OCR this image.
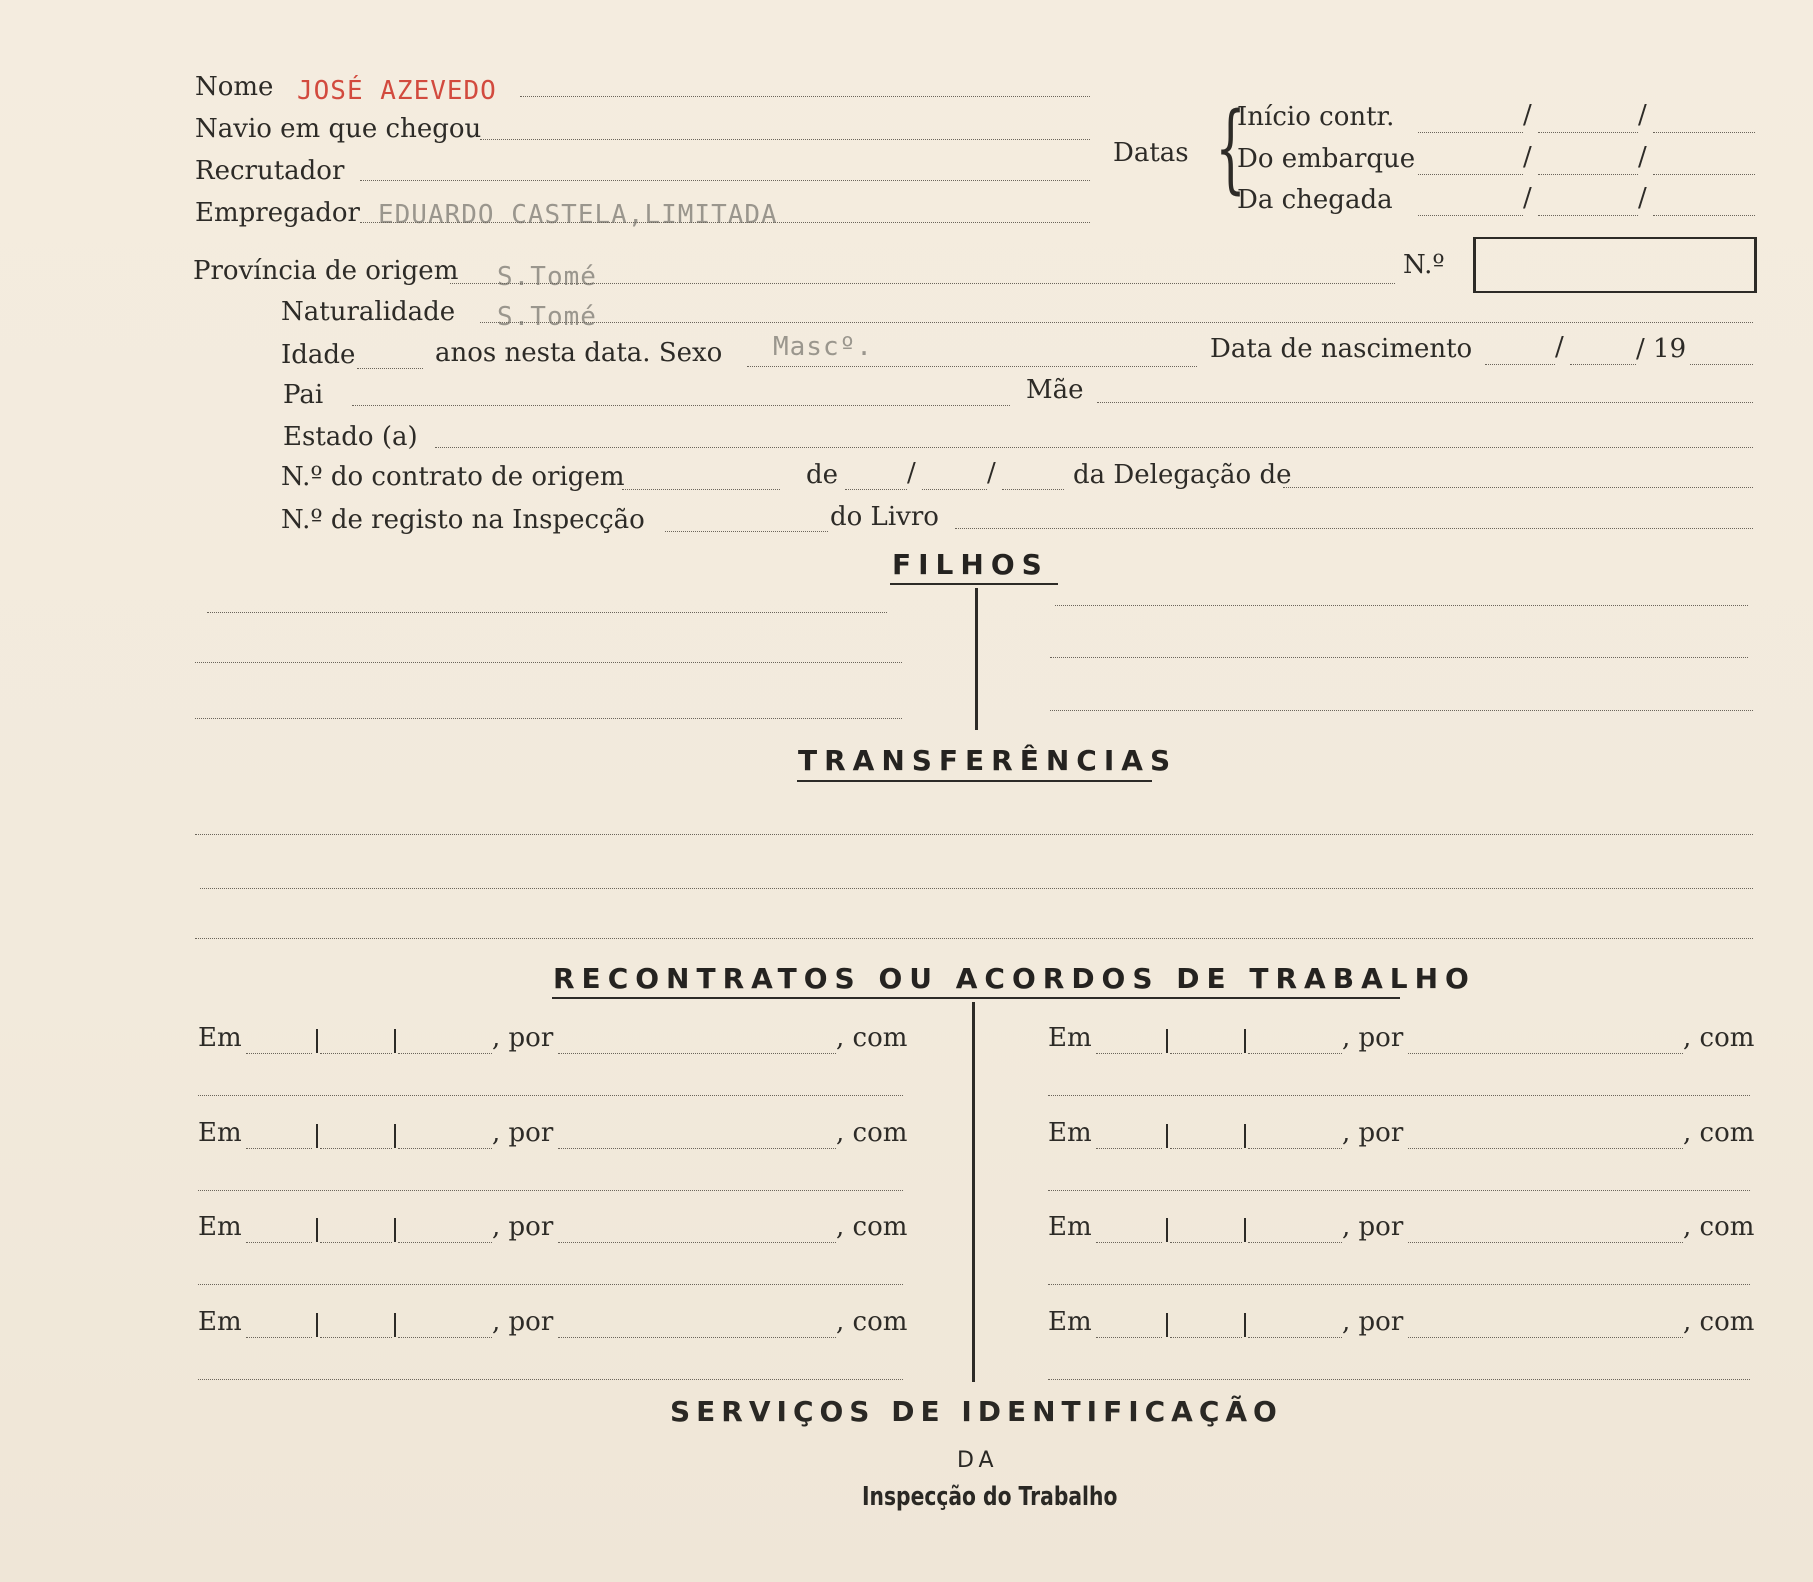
Nome JOSÉ AZEVEDO
Navio em que chegou
Recrutador
Empregador EDUARDO CASTELA,LIMITADA
Datas {
Início contr.	/	/
Do embarque	/	/
Da chegada	/	/
Província de origem S.Tomé	N.º
Naturalidade S.Tomé
Idade	anos nesta data. Sexo Mascº.	Data de nascimento	/	/ 19
Pai	Mãe
Estado (a)
N.º do contrato de origem	de	/	/	da Delegação de
N.º de registo na Inspecção	do Livro
FILHOS
TRANSFERÊNCIAS
RECONTRATOS OU ACORDOS DE TRABALHO
Em	, por	, com
Em	, por	, com
Em	, por	, com
Em	, por	, com
Em	, por	, com
Em	, por	, com
Em	, por	, com
Em	, por	, com
SERVIÇOS DE IDENTIFICAÇÃO
DA
Inspecção do Trabalho
